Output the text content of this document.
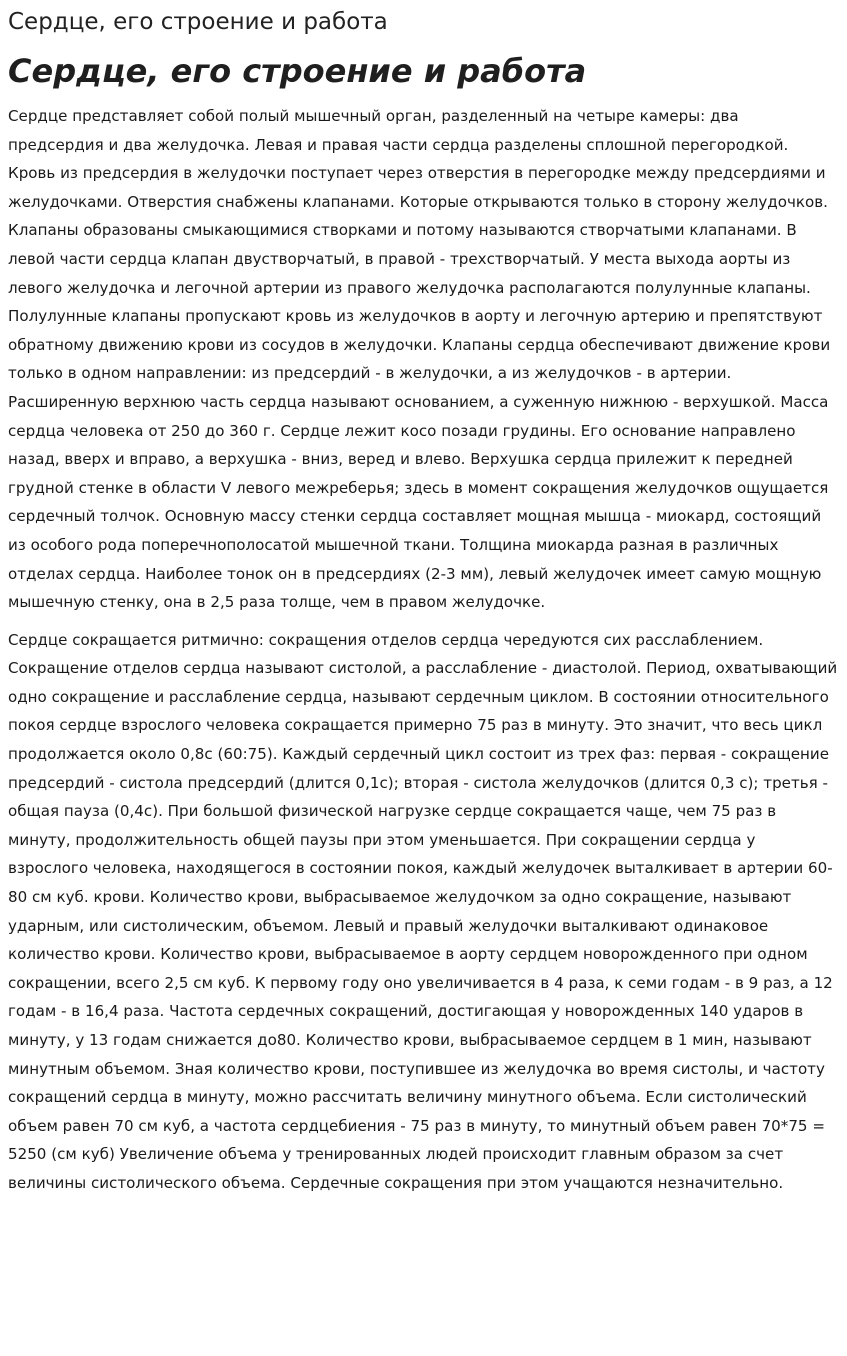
Сердце, его строение и работа
Сердце, его строение и работа

Сердце представляет собой полый мышечный орган, разделенный на четыре камеры: два предсердия и два желудочка. Левая и правая части сердца разделены сплошной перегородкой. Кровь из предсердия в желудочки поступает через отверстия в перегородке между предсердиями и желудочками. Отверстия снабжены клапанами. Которые открываются только в сторону желудочков. Клапаны образованы смыкающимися створками и потому называются створчатыми клапанами. В левой части сердца клапан двустворчатый, в правой - трехстворчатый. У места выхода аорты из левого желудочка и легочной артерии из правого желудочка располагаются полулунные клапаны. Полулунные клапаны пропускают кровь из желудочков в аорту и легочную артерию и препятствуют обратному движению крови из сосудов в желудочки. Клапаны сердца обеспечивают движение крови только в одном направлении: из предсердий - в желудочки, а из желудочков - в артерии. Расширенную верхнюю часть сердца называют основанием, а суженную нижнюю - верхушкой. Масса сердца человека от 250 до 360 г. Сердце лежит косо позади грудины. Его основание направлено назад, вверх и вправо, а верхушка - вниз, веред и влево. Верхушка сердца прилежит к передней грудной стенке в области V левого межреберья; здесь в момент сокращения желудочков ощущается сердечный толчок. Основную массу стенки сердца составляет мощная мышца - миокард, состоящий из особого рода поперечнополосатой мышечной ткани. Толщина миокарда разная в различных отделах сердца. Наиболее тонок он в предсердиях (2-3 мм), левый желудочек имеет самую мощную мышечную стенку, она в 2,5 раза толще, чем в правом желудочке.

Сердце сокращается ритмично: сокращения отделов сердца чередуются сих расслаблением. Сокращение отделов сердца называют систолой, а расслабление - диастолой. Период, охватывающий одно сокращение и расслабление сердца, называют сердечным циклом. В состоянии относительного покоя сердце взрослого человека сокращается примерно 75 раз в минуту. Это значит, что весь цикл продолжается около 0,8с (60:75). Каждый сердечный цикл состоит из трех фаз: первая - сокращение предсердий - систола предсердий (длится 0,1с); вторая - систола желудочков (длится 0,3 с); третья - общая пауза (0,4с). При большой физической нагрузке сердце сокращается чаще, чем 75 раз в минуту, продолжительность общей паузы при этом уменьшается. При сокращении сердца у взрослого человека, находящегося в состоянии покоя, каждый желудочек выталкивает в артерии 60-80 см куб. крови. Количество крови, выбрасываемое желудочком за одно сокращение, называют ударным, или систолическим, объемом. Левый и правый желудочки выталкивают одинаковое количество крови. Количество крови, выбрасываемое в аорту сердцем новорожденного при одном сокращении, всего 2,5 см куб. К первому году оно увеличивается в 4 раза, к семи годам - в 9 раз, а 12 годам - в 16,4 раза. Частота сердечных сокращений, достигающая у новорожденных 140 ударов в минуту, у 13 годам снижается до80. Количество крови, выбрасываемое сердцем в 1 мин, называют минутным объемом. Зная количество крови, поступившее из желудочка во время систолы, и частоту сокращений сердца в минуту, можно рассчитать величину минутного объема. Если систолический объем равен 70 см куб, а частота сердцебиения - 75 раз в минуту, то минутный объем равен 70*75 = 5250 (см куб) Увеличение объема у тренированных людей происходит главным образом за счет величины систолического объема. Сердечные сокращения при этом учащаются незначительно.
